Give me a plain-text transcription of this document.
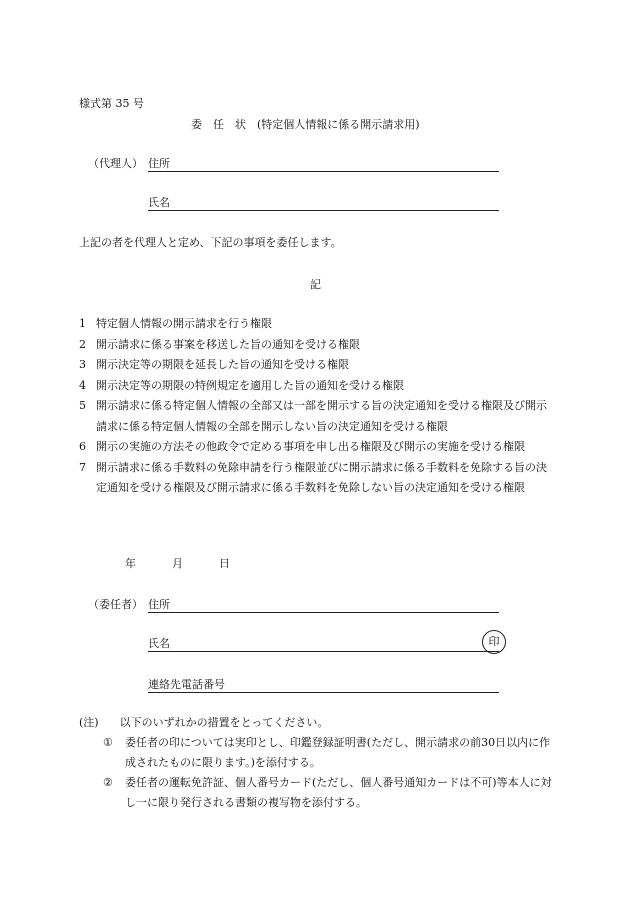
様式第 35 号
委　任　状　(特定個人情報に係る開示請求用)
（代理人） 住所
氏名
上記の者を代理人と定め、下記の事項を委任します。
記
1 特定個人情報の開示請求を行う権限
2 開示請求に係る事案を移送した旨の通知を受ける権限
3 開示決定等の期限を延長した旨の通知を受ける権限
4 開示決定等の期限の特例規定を適用した旨の通知を受ける権限
5 開示請求に係る特定個人情報の全部又は一部を開示する旨の決定通知を受ける権限及び開示請求に係る特定個人情報の全部を開示しない旨の決定通知を受ける権限
6 開示の実施の方法その他政令で定める事項を申し出る権限及び開示の実施を受ける権限
7 開示請求に係る手数料の免除申請を行う権限並びに開示請求に係る手数料を免除する旨の決定通知を受ける権限及び開示請求に係る手数料を免除しない旨の決定通知を受ける権限
年	月	日
（委任者） 住所
氏名	印
連絡先電話番号
(注) 以下のいずれかの措置をとってください。
① 委任者の印については実印とし、印鑑登録証明書(ただし、開示請求の前30日以内に作成されたものに限ります。)を添付する。
② 委任者の運転免許証、個人番号カード(ただし、個人番号通知カードは不可)等本人に対し一に限り発行される書類の複写物を添付する。
